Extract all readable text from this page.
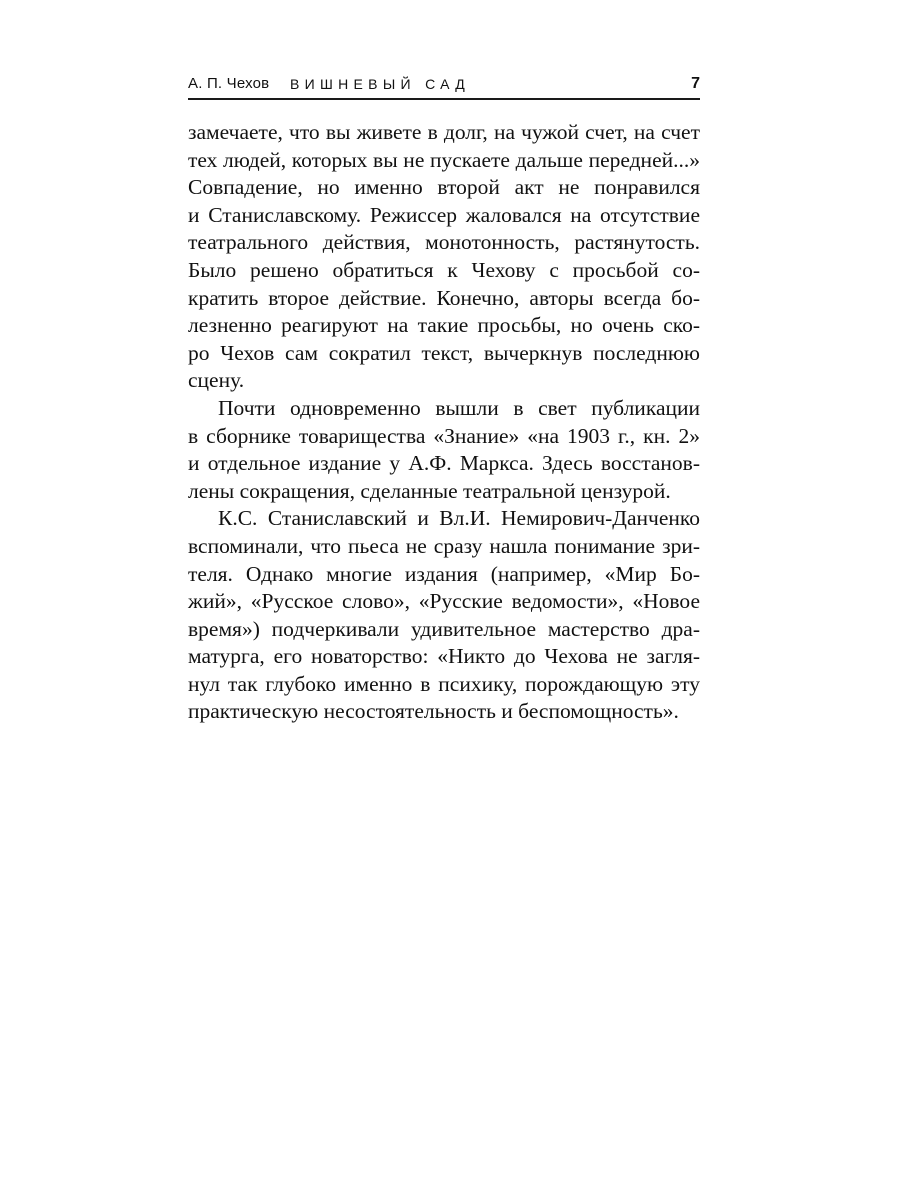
А. П. Чехов ВИШНЕВЫЙ САД	7
замечаете, что вы живете в долг, на чужой счет, на счет
тех людей, которых вы не пускаете дальше передней...»
Совпадение, но именно второй акт не понравился
и Станиславскому. Режиссер жаловался на отсутствие
театрального действия, монотонность, растянутость.
Было решено обратиться к Чехову с просьбой со-
кратить второе действие. Конечно, авторы всегда бо-
лезненно реагируют на такие просьбы, но очень ско-
ро Чехов сам сократил текст, вычеркнув последнюю
сцену.
Почти одновременно вышли в свет публикации
в сборнике товарищества «Знание» «на 1903 г., кн. 2»
и отдельное издание у А.Ф. Маркса. Здесь восстанов-
лены сокращения, сделанные театральной цензурой.
К.С. Станиславский и Вл.И. Немирович-Данченко
вспоминали, что пьеса не сразу нашла понимание зри-
теля. Однако многие издания (например, «Мир Бо-
жий», «Русское слово», «Русские ведомости», «Новое
время») подчеркивали удивительное мастерство дра-
матурга, его новаторство: «Никто до Чехова не загля-
нул так глубоко именно в психику, порождающую эту
практическую несостоятельность и беспомощность».
